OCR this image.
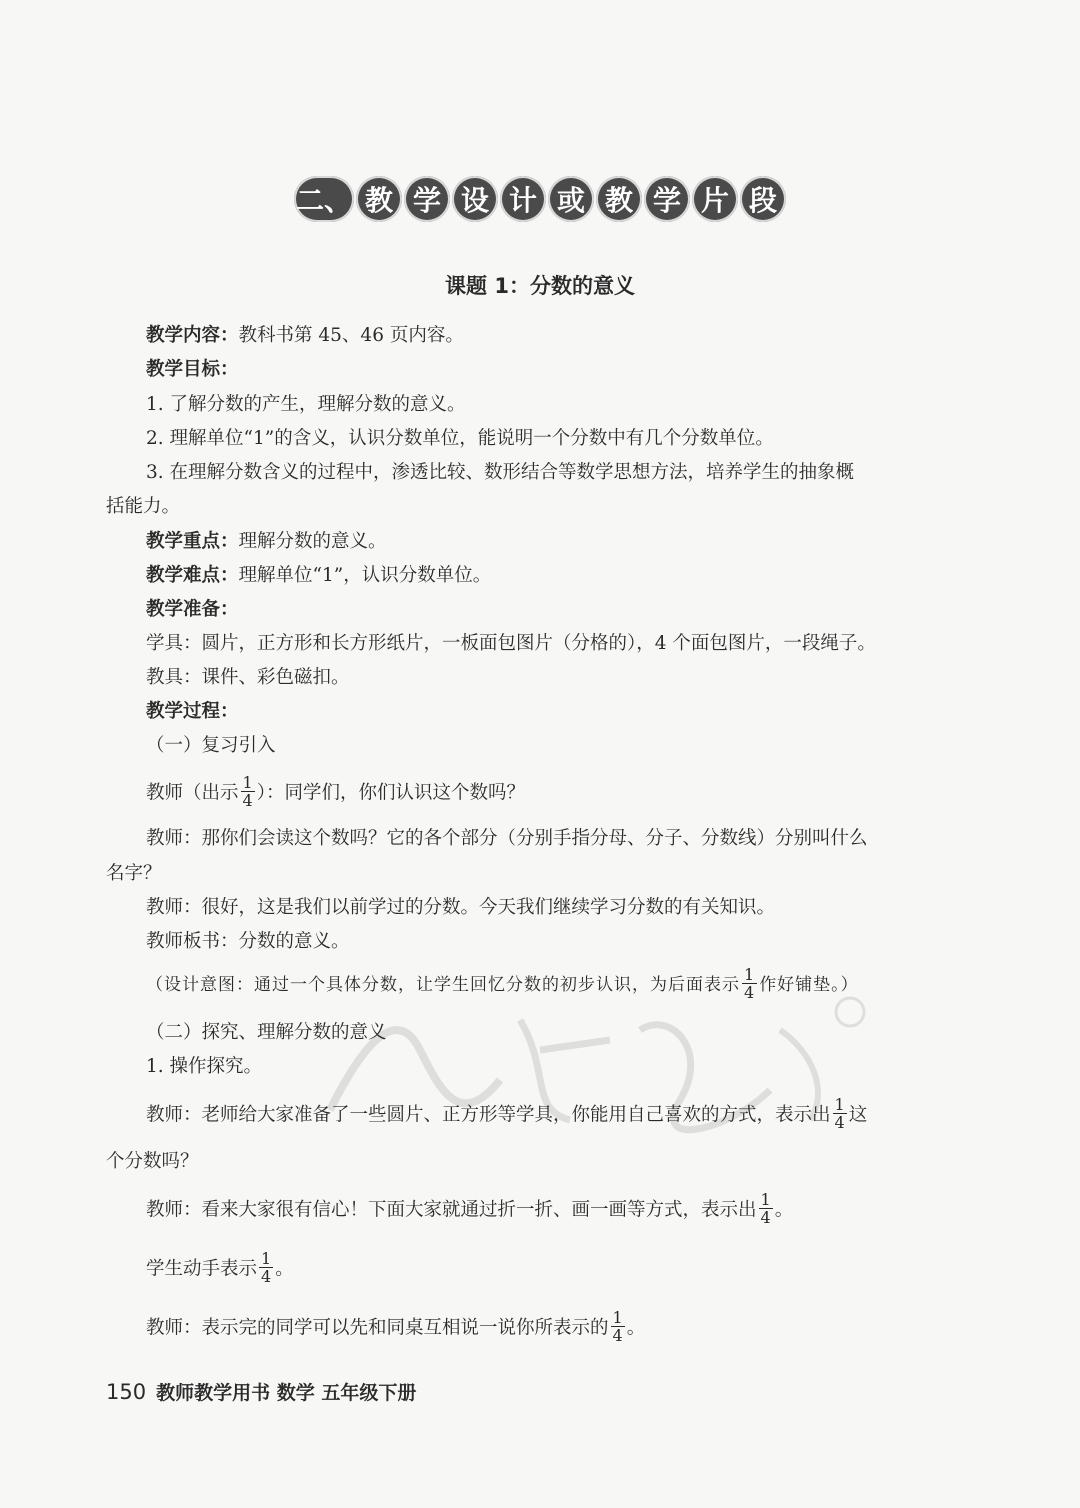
二、 教 学 设 计 或 教 学 片 段
课题 1：分数的意义
教学内容：教科书第 45、46 页内容。
教学目标：
1. 了解分数的产生，理解分数的意义。
2. 理解单位“1”的含义，认识分数单位，能说明一个分数中有几个分数单位。
3. 在理解分数含义的过程中，渗透比较、数形结合等数学思想方法，培养学生的抽象概
括能力。
教学重点：理解分数的意义。
教学难点：理解单位“1”，认识分数单位。
教学准备：
学具：圆片，正方形和长方形纸片，一板面包图片（分格的），4 个面包图片，一段绳子。
教具：课件、彩色磁扣。
教学过程：
（一）复习引入
教师（出示 $\frac{1}{4}$ ）：同学们，你们认识这个数吗？
教师：那你们会读这个数吗？它的各个部分（分别手指分母、分子、分数线）分别叫什么
名字？
教师：很好，这是我们以前学过的分数。今天我们继续学习分数的有关知识。
教师板书：分数的意义。
（设计意图：通过一个具体分数，让学生回忆分数的初步认识，为后面表示 $\frac{1}{4}$ 作好铺垫。）
（二）探究、理解分数的意义
1. 操作探究。
教师：老师给大家准备了一些圆片、正方形等学具，你能用自己喜欢的方式，表示出 $\frac{1}{4}$ 这
个分数吗？
教师：看来大家很有信心！下面大家就通过折一折、画一画等方式，表示出 $\frac{1}{4}$ 。
学生动手表示 $\frac{1}{4}$ 。
教师：表示完的同学可以先和同桌互相说一说你所表示的 $\frac{1}{4}$ 。
150 教师教学用书 数学 五年级下册
